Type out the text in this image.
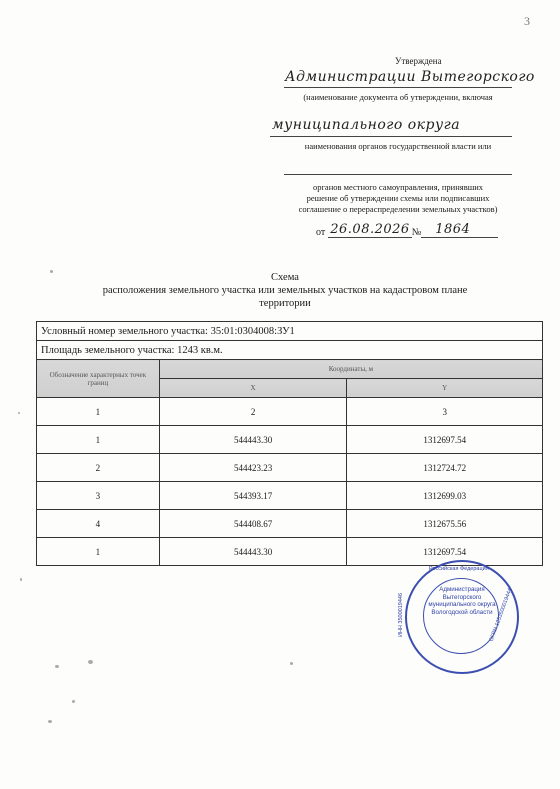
3
Утверждена
Администрации Вытегорского
(наименование документа об утверждении, включая
муниципального округа
наименования органов государственной власти или
органов местного самоуправления, принявших
решение об утверждении схемы или подписавших
соглашение о перераспределении земельных участков)
от 26.08.2026 №	1864
Схема
расположения земельного участка или земельных участков на кадастровом плане
территории
Условный номер земельного участка: 35:01:0304008:ЗУ1		
Площадь земельного участка: 1243 кв.м.		
Обозначение характерных точек границ	Координаты, м	
	X	Y
1	2	3
1	544443.30	1312697.54
2	544423.23	1312724.72
3	544393.17	1312699.03
4	544408.67	1312675.56
1	544443.30	1312697.54
Российская Федерация
Администрация Вытегорского муниципального округа Вологодской области
ИНН 3500019446	ОГРН 1253500019444
